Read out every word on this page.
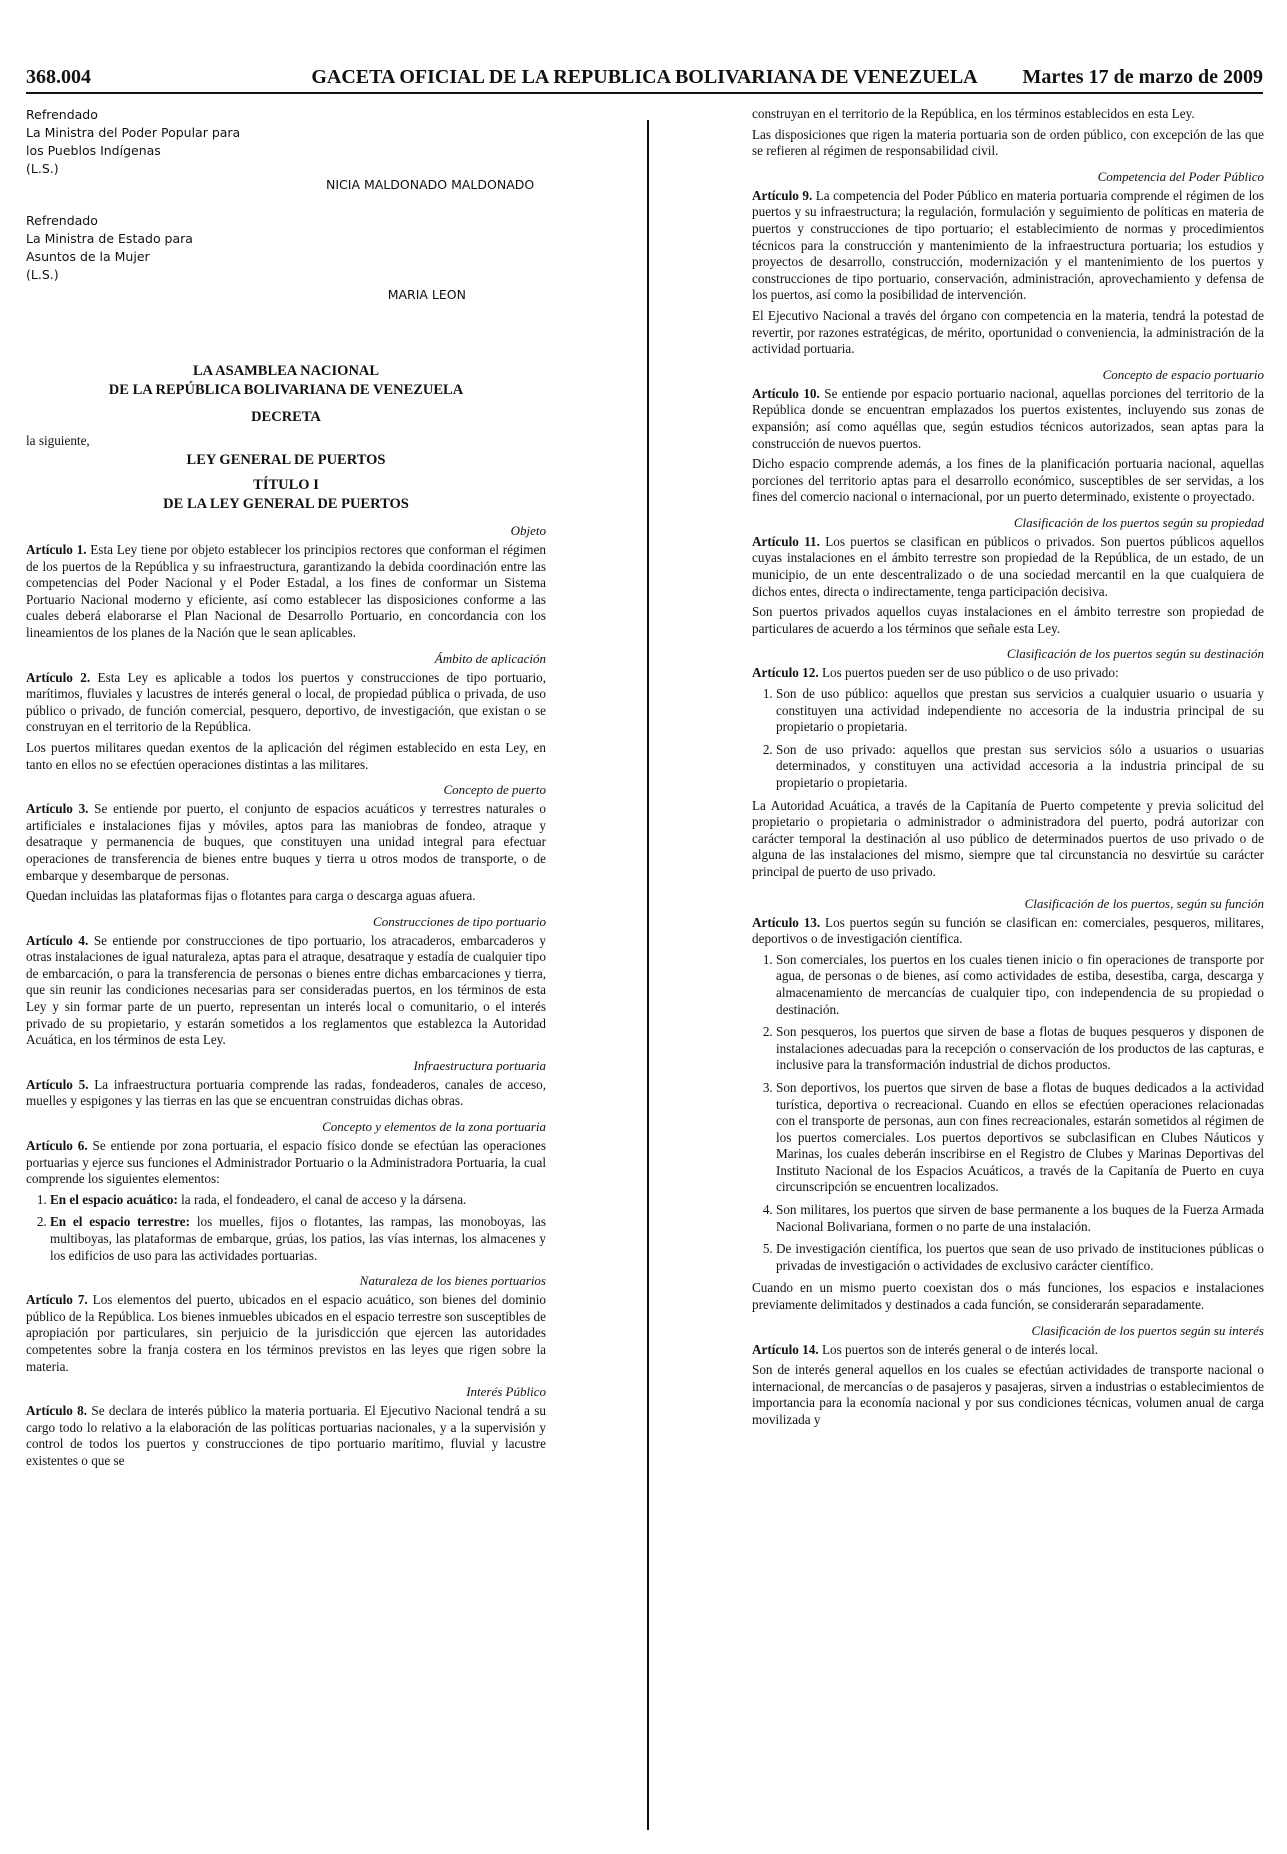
368.004	GACETA OFICIAL DE LA REPUBLICA BOLIVARIANA DE VENEZUELA	Martes 17 de marzo de 2009
Refrendado
La Ministra del Poder Popular para
los Pueblos Indígenas
(L.S.)
NICIA MALDONADO MALDONADO
Refrendado
La Ministra de Estado para
Asuntos de la Mujer
(L.S.)
MARIA LEON
LA ASAMBLEA NACIONAL
DE LA REPÚBLICA BOLIVARIANA DE VENEZUELA
DECRETA
la siguiente,
LEY GENERAL DE PUERTOS
TÍTULO I
DE LA LEY GENERAL DE PUERTOS
Objeto

Artículo 1. Esta Ley tiene por objeto establecer los principios rectores que conforman el régimen de los puertos de la República y su infraestructura, garantizando la debida coordinación entre las competencias del Poder Nacional y el Poder Estadal, a los fines de conformar un Sistema Portuario Nacional moderno y eficiente, así como establecer las disposiciones conforme a las cuales deberá elaborarse el Plan Nacional de Desarrollo Portuario, en concordancia con los lineamientos de los planes de la Nación que le sean aplicables.

Ámbito de aplicación

Artículo 2. Esta Ley es aplicable a todos los puertos y construcciones de tipo portuario, marítimos, fluviales y lacustres de interés general o local, de propiedad pública o privada, de uso público o privado, de función comercial, pesquero, deportivo, de investigación, que existan o se construyan en el territorio de la República.

Los puertos militares quedan exentos de la aplicación del régimen establecido en esta Ley, en tanto en ellos no se efectúen operaciones distintas a las militares.

Concepto de puerto

Artículo 3. Se entiende por puerto, el conjunto de espacios acuáticos y terrestres naturales o artificiales e instalaciones fijas y móviles, aptos para las maniobras de fondeo, atraque y desatraque y permanencia de buques, que constituyen una unidad integral para efectuar operaciones de transferencia de bienes entre buques y tierra u otros modos de transporte, o de embarque y desembarque de personas.

Quedan incluidas las plataformas fijas o flotantes para carga o descarga aguas afuera.

Construcciones de tipo portuario

Artículo 4. Se entiende por construcciones de tipo portuario, los atracaderos, embarcaderos y otras instalaciones de igual naturaleza, aptas para el atraque, desatraque y estadía de cualquier tipo de embarcación, o para la transferencia de personas o bienes entre dichas embarcaciones y tierra, que sin reunir las condiciones necesarias para ser consideradas puertos, en los términos de esta Ley y sin formar parte de un puerto, representan un interés local o comunitario, o el interés privado de su propietario, y estarán sometidos a los reglamentos que establezca la Autoridad Acuática, en los términos de esta Ley.

Infraestructura portuaria

Artículo 5. La infraestructura portuaria comprende las radas, fondeaderos, canales de acceso, muelles y espigones y las tierras en las que se encuentran construidas dichas obras.

Concepto y elementos de la zona portuaria

Artículo 6. Se entiende por zona portuaria, el espacio físico donde se efectúan las operaciones portuarias y ejerce sus funciones el Administrador Portuario o la Administradora Portuaria, la cual comprende los siguientes elementos:

1. En el espacio acuático: la rada, el fondeadero, el canal de acceso y la dársena.
2. En el espacio terrestre: los muelles, fijos o flotantes, las rampas, las monoboyas, las multiboyas, las plataformas de embarque, grúas, los patios, las vías internas, los almacenes y los edificios de uso para las actividades portuarias.
Naturaleza de los bienes portuarios

Artículo 7. Los elementos del puerto, ubicados en el espacio acuático, son bienes del dominio público de la República. Los bienes inmuebles ubicados en el espacio terrestre son susceptibles de apropiación por particulares, sin perjuicio de la jurisdicción que ejercen las autoridades competentes sobre la franja costera en los términos previstos en las leyes que rigen sobre la materia.

Interés Público

Artículo 8. Se declara de interés público la materia portuaria. El Ejecutivo Nacional tendrá a su cargo todo lo relativo a la elaboración de las políticas portuarias nacionales, y a la supervisión y control de todos los puertos y construcciones de tipo portuario marítimo, fluvial y lacustre existentes o que se

construyan en el territorio de la República, en los términos establecidos en esta Ley.

Las disposiciones que rigen la materia portuaria son de orden público, con excepción de las que se refieren al régimen de responsabilidad civil.

Competencia del Poder Público

Artículo 9. La competencia del Poder Público en materia portuaria comprende el régimen de los puertos y su infraestructura; la regulación, formulación y seguimiento de políticas en materia de puertos y construcciones de tipo portuario; el establecimiento de normas y procedimientos técnicos para la construcción y mantenimiento de la infraestructura portuaria; los estudios y proyectos de desarrollo, construcción, modernización y el mantenimiento de los puertos y construcciones de tipo portuario, conservación, administración, aprovechamiento y defensa de los puertos, así como la posibilidad de intervención.

El Ejecutivo Nacional a través del órgano con competencia en la materia, tendrá la potestad de revertir, por razones estratégicas, de mérito, oportunidad o conveniencia, la administración de la actividad portuaria.

Concepto de espacio portuario

Artículo 10. Se entiende por espacio portuario nacional, aquellas porciones del territorio de la República donde se encuentran emplazados los puertos existentes, incluyendo sus zonas de expansión; así como aquéllas que, según estudios técnicos autorizados, sean aptas para la construcción de nuevos puertos.

Dicho espacio comprende además, a los fines de la planificación portuaria nacional, aquellas porciones del territorio aptas para el desarrollo económico, susceptibles de ser servidas, a los fines del comercio nacional o internacional, por un puerto determinado, existente o proyectado.

Clasificación de los puertos según su propiedad

Artículo 11. Los puertos se clasifican en públicos o privados. Son puertos públicos aquellos cuyas instalaciones en el ámbito terrestre son propiedad de la República, de un estado, de un municipio, de un ente descentralizado o de una sociedad mercantil en la que cualquiera de dichos entes, directa o indirectamente, tenga participación decisiva.

Son puertos privados aquellos cuyas instalaciones en el ámbito terrestre son propiedad de particulares de acuerdo a los términos que señale esta Ley.

Clasificación de los puertos según su destinación

Artículo 12. Los puertos pueden ser de uso público o de uso privado:

1. Son de uso público: aquellos que prestan sus servicios a cualquier usuario o usuaria y constituyen una actividad independiente no accesoria de la industria principal de su propietario o propietaria.
2. Son de uso privado: aquellos que prestan sus servicios sólo a usuarios o usuarias determinados, y constituyen una actividad accesoria a la industria principal de su propietario o propietaria.

La Autoridad Acuática, a través de la Capitanía de Puerto competente y previa solicitud del propietario o propietaria o administrador o administradora del puerto, podrá autorizar con carácter temporal la destinación al uso público de determinados puertos de uso privado o de alguna de las instalaciones del mismo, siempre que tal circunstancia no desvirtúe su carácter principal de puerto de uso privado.

Clasificación de los puertos, según su función

Artículo 13. Los puertos según su función se clasifican en: comerciales, pesqueros, militares, deportivos o de investigación científica.

1. Son comerciales, los puertos en los cuales tienen inicio o fin operaciones de transporte por agua, de personas o de bienes, así como actividades de estiba, desestiba, carga, descarga y almacenamiento de mercancías de cualquier tipo, con independencia de su propiedad o destinación.
2. Son pesqueros, los puertos que sirven de base a flotas de buques pesqueros y disponen de instalaciones adecuadas para la recepción o conservación de los productos de las capturas, e inclusive para la transformación industrial de dichos productos.
3. Son deportivos, los puertos que sirven de base a flotas de buques dedicados a la actividad turística, deportiva o recreacional. Cuando en ellos se efectúen operaciones relacionadas con el transporte de personas, aun con fines recreacionales, estarán sometidos al régimen de los puertos comerciales. Los puertos deportivos se subclasifican en Clubes Náuticos y Marinas, los cuales deberán inscribirse en el Registro de Clubes y Marinas Deportivas del Instituto Nacional de los Espacios Acuáticos, a través de la Capitanía de Puerto en cuya circunscripción se encuentren localizados.
4. Son militares, los puertos que sirven de base permanente a los buques de la Fuerza Armada Nacional Bolivariana, formen o no parte de una instalación.
5. De investigación científica, los puertos que sean de uso privado de instituciones públicas o privadas de investigación o actividades de exclusivo carácter científico.

Cuando en un mismo puerto coexistan dos o más funciones, los espacios e instalaciones previamente delimitados y destinados a cada función, se considerarán separadamente.

Clasificación de los puertos según su interés

Artículo 14. Los puertos son de interés general o de interés local.

Son de interés general aquellos en los cuales se efectúan actividades de transporte nacional o internacional, de mercancías o de pasajeros y pasajeras, sirven a industrias o establecimientos de importancia para la economía nacional y por sus condiciones técnicas, volumen anual de carga movilizada y
